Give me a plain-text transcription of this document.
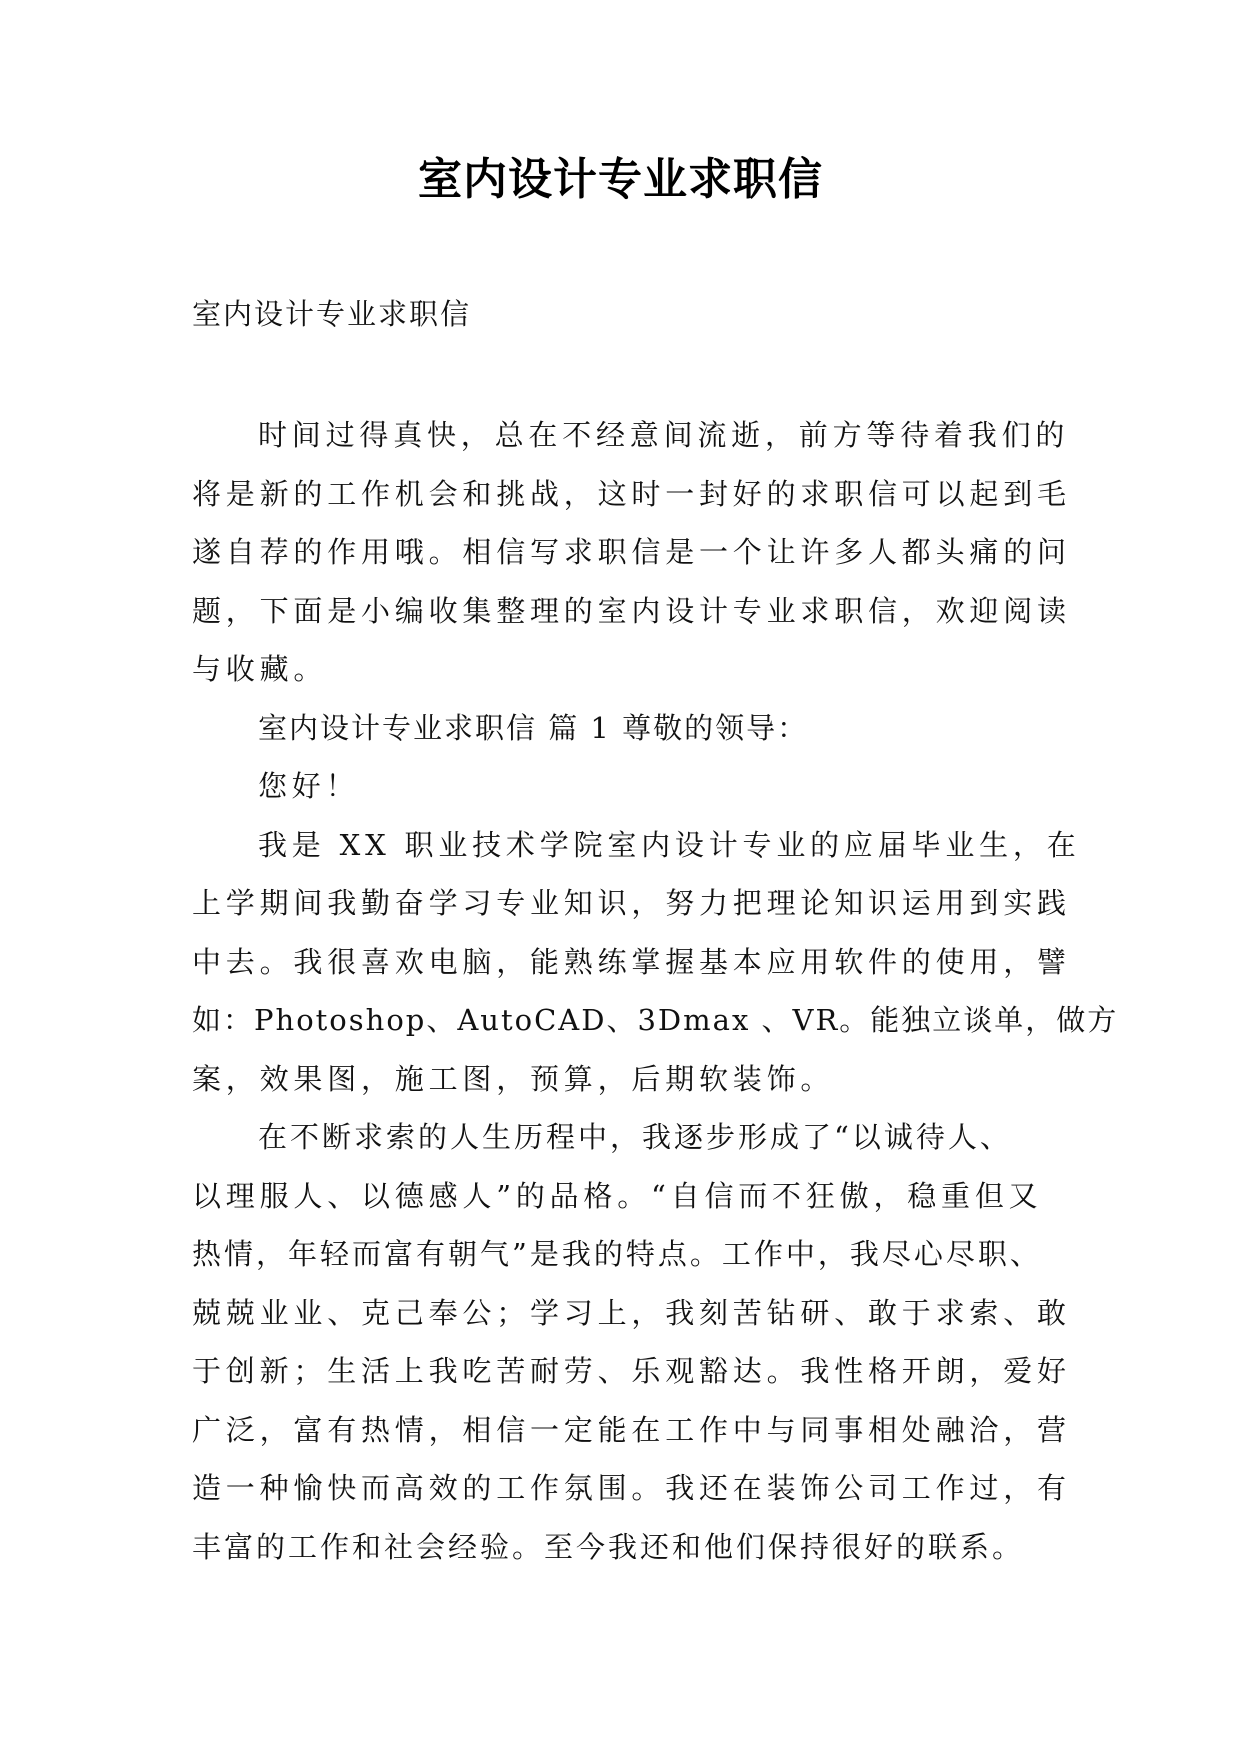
室内设计专业求职信
室内设计专业求职信
时间过得真快，总在不经意间流逝，前方等待着我们的
将是新的工作机会和挑战，这时一封好的求职信可以起到毛
遂自荐的作用哦。相信写求职信是一个让许多人都头痛的问
题，下面是小编收集整理的室内设计专业求职信，欢迎阅读
与收藏。
室内设计专业求职信 篇 1 尊敬的领导：
您好！
我是 XX 职业技术学院室内设计专业的应届毕业生，在
上学期间我勤奋学习专业知识，努力把理论知识运用到实践
中去。我很喜欢电脑，能熟练掌握基本应用软件的使用，譬
如：Photoshop、AutoCAD、3Dmax 、VR。能独立谈单，做方
案，效果图，施工图，预算，后期软装饰。
在不断求索的人生历程中，我逐步形成了“以诚待人、
以理服人、以德感人”的品格。“自信而不狂傲，稳重但又
热情，年轻而富有朝气”是我的特点。工作中，我尽心尽职、
兢兢业业、克己奉公；学习上，我刻苦钻研、敢于求索、敢
于创新；生活上我吃苦耐劳、乐观豁达。我性格开朗，爱好
广泛，富有热情，相信一定能在工作中与同事相处融洽，营
造一种愉快而高效的工作氛围。我还在装饰公司工作过，有
丰富的工作和社会经验。至今我还和他们保持很好的联系。
